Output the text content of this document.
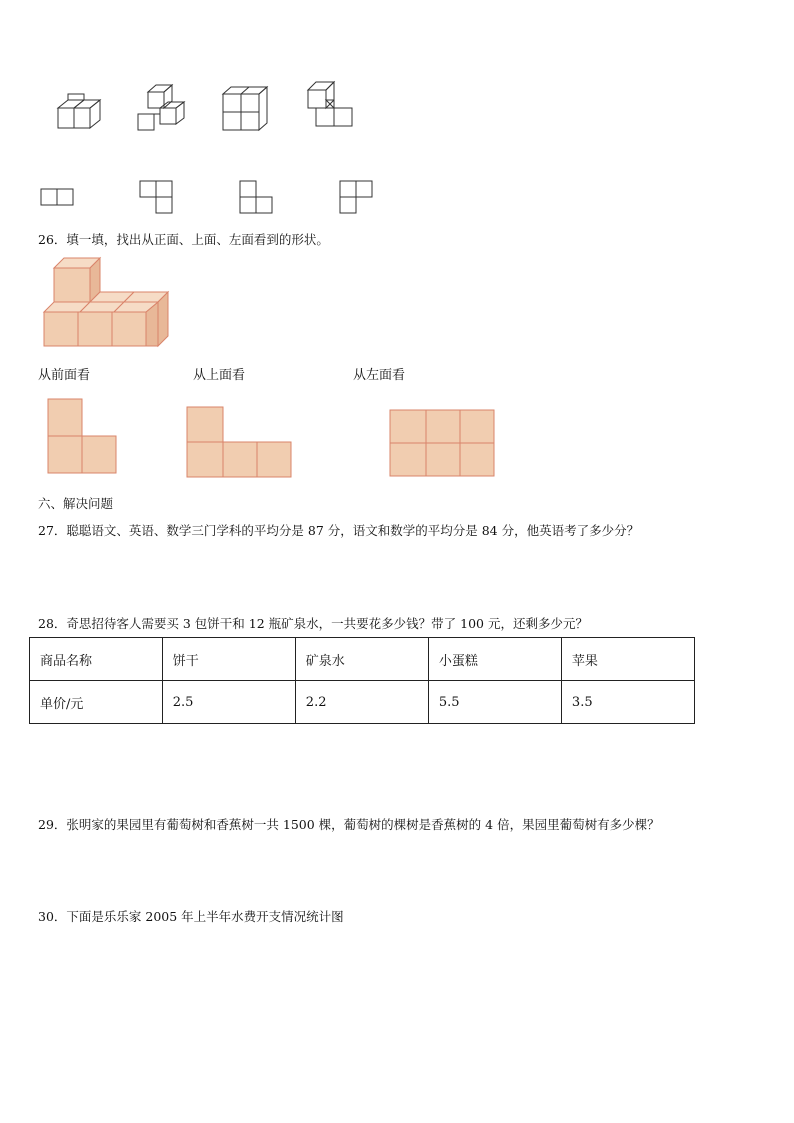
26．填一填，找出从正面、上面、左面看到的形状。
从前面看	从上面看	从左面看
六、解决问题
27．聪聪语文、英语、数学三门学科的平均分是 87 分，语文和数学的平均分是 84 分，他英语考了多少分？
28．奇思招待客人需要买 3 包饼干和 12 瓶矿泉水，一共要花多少钱？带了 100 元，还剩多少元？
商品名称	饼干	矿泉水	小蛋糕	苹果
单价/元	2.5	2.2	5.5	3.5
29．张明家的果园里有葡萄树和香蕉树一共 1500 棵，葡萄树的棵树是香蕉树的 4 倍，果园里葡萄树有多少棵？
30．下面是乐乐家 2005 年上半年水费开支情况统计图
